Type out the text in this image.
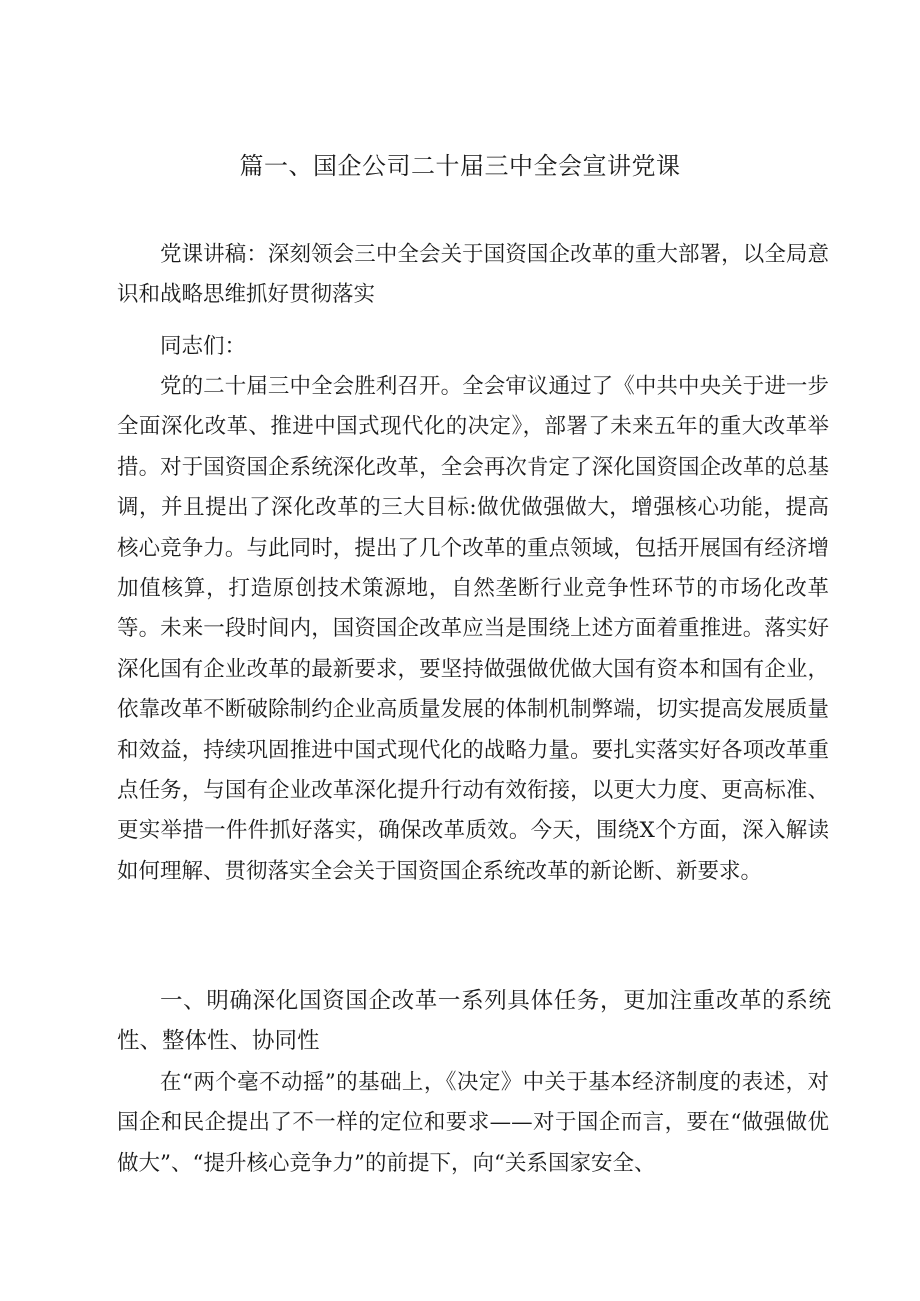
篇一、国企公司二十届三中全会宣讲党课

党课讲稿：深刻领会三中全会关于国资国企改革的重大部署，以全局意识和战略思维抓好贯彻落实

同志们：

党的二十届三中全会胜利召开。全会审议通过了《中共中央关于进一步全面深化改革、推进中国式现代化的决定》，部署了未来五年的重大改革举措。对于国资国企系统深化改革，全会再次肯定了深化国资国企改革的总基调，并且提出了深化改革的三大目标:做优做强做大，增强核心功能，提高核心竞争力。与此同时，提出了几个改革的重点领域，包括开展国有经济增加值核算，打造原创技术策源地，自然垄断行业竞争性环节的市场化改革等。未来一段时间内，国资国企改革应当是围绕上述方面着重推进。落实好深化国有企业改革的最新要求，要坚持做强做优做大国有资本和国有企业，依靠改革不断破除制约企业高质量发展的体制机制弊端，切实提高发展质量和效益，持续巩固推进中国式现代化的战略力量。要扎实落实好各项改革重点任务，与国有企业改革深化提升行动有效衔接，以更大力度、更高标准、更实举措一件件抓好落实，确保改革质效。今天，围绕X个方面，深入解读如何理解、贯彻落实全会关于国资国企系统改革的新论断、新要求。

一、明确深化国资国企改革一系列具体任务，更加注重改革的系统性、整体性、协同性

在“两个毫不动摇”的基础上，《决定》中关于基本经济制度的表述，对国企和民企提出了不一样的定位和要求——对于国企而言，要在“做强做优做大”、“提升核心竞争力”的前提下，向“关系国家安全、
